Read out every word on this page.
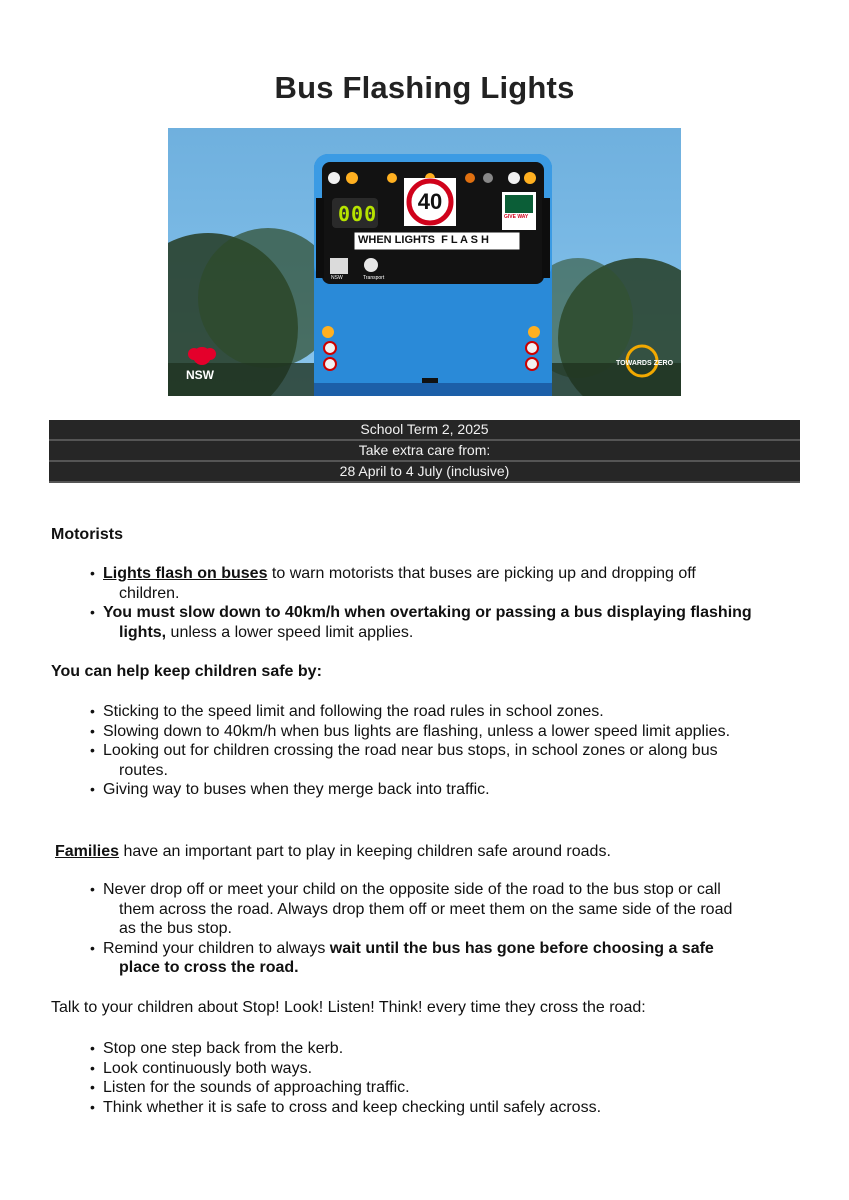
Bus Flashing Lights
000 40
GIVE WAY
WHEN LIGHTS  F L A S H
NSW	Transport
NSW
TOWARDS ZERO
School Term 2, 2025
Take extra care from:
28 April to 4 July (inclusive)
Motorists
• Lights flash on buses to warn motorists that buses are picking up and dropping off
children.
• You must slow down to 40km/h when overtaking or passing a bus displaying flashing
lights, unless a lower speed limit applies.
You can help keep children safe by:
• Sticking to the speed limit and following the road rules in school zones.
• Slowing down to 40km/h when bus lights are flashing, unless a lower speed limit applies.
• Looking out for children crossing the road near bus stops, in school zones or along bus
routes.
• Giving way to buses when they merge back into traffic.
Families have an important part to play in keeping children safe around roads.
• Never drop off or meet your child on the opposite side of the road to the bus stop or call
them across the road. Always drop them off or meet them on the same side of the road
as the bus stop.
• Remind your children to always wait until the bus has gone before choosing a safe
place to cross the road.
Talk to your children about Stop! Look! Listen! Think! every time they cross the road:
• Stop one step back from the kerb.
• Look continuously both ways.
• Listen for the sounds of approaching traffic.
• Think whether it is safe to cross and keep checking until safely across.
